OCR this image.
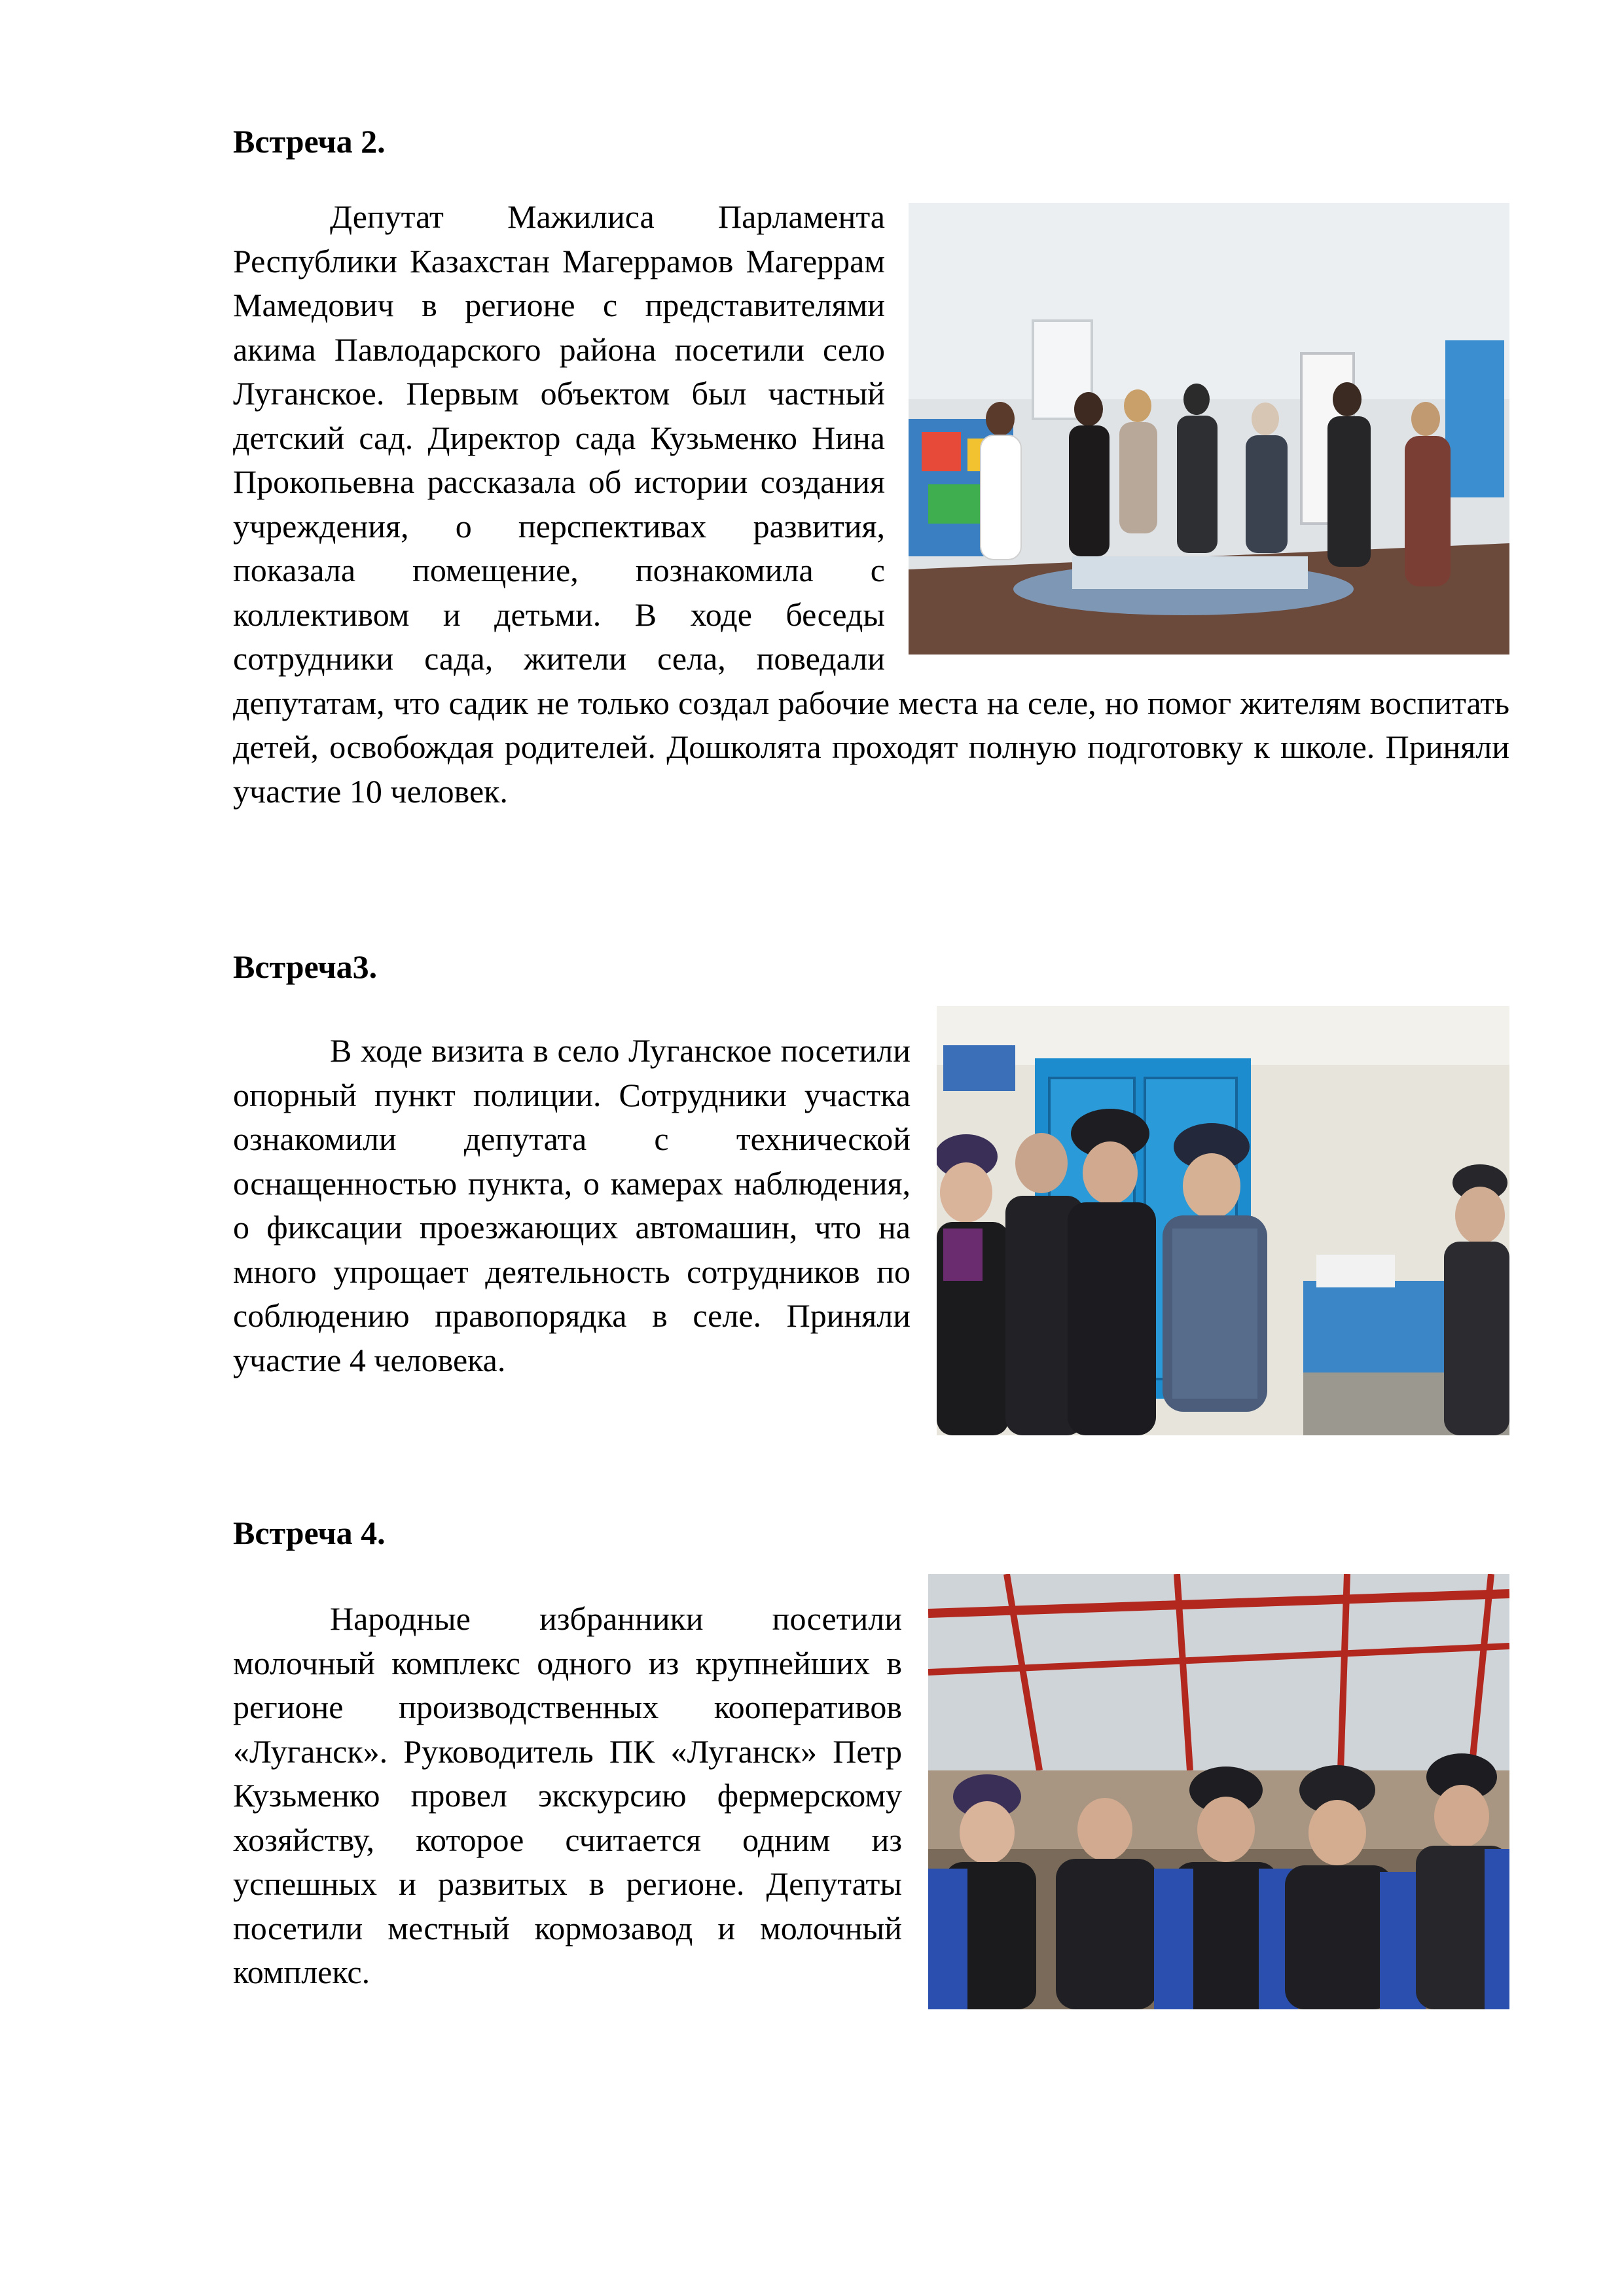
Встреча 2.
Депутат Мажилиса Парламента Республики Казахстан Магеррамов Магеррам Мамедович в регионе с представителями акима Павлодарского района посетили село Луганское. Первым объектом был частный детский сад. Директор сада Кузьменко Нина Прокопьевна рассказала об истории создания учреждения, о перспективах развития, показала помещение, познакомила с коллективом и детьми. В ходе беседы сотрудники сада, жители села, поведали депутатам, что садик не только создал рабочие места на селе, но помог жителям воспитать детей, освобождая родителей. Дошколята проходят полную подготовку к школе. Приняли участие 10 человек.
Встреча3.
В ходе визита в село Луганское посетили опорный пункт полиции. Сотрудники участка ознакомили депутата с технической оснащенностью пункта, о камерах наблюдения, о фиксации проезжающих автомашин, что на много упрощает деятельность сотрудников по соблюдению правопорядка в селе. Приняли участие 4 человека.
Встреча 4.
Народные избранники посетили молочный комплекс одного из крупнейших в регионе производственных кооперативов «Луганск». Руководитель ПК «Луганск» Петр Кузьменко провел экскурсию фермерскому хозяйству, которое считается одним из успешных и развитых в регионе. Депутаты посетили местный кормозавод и молочный комплекс.
